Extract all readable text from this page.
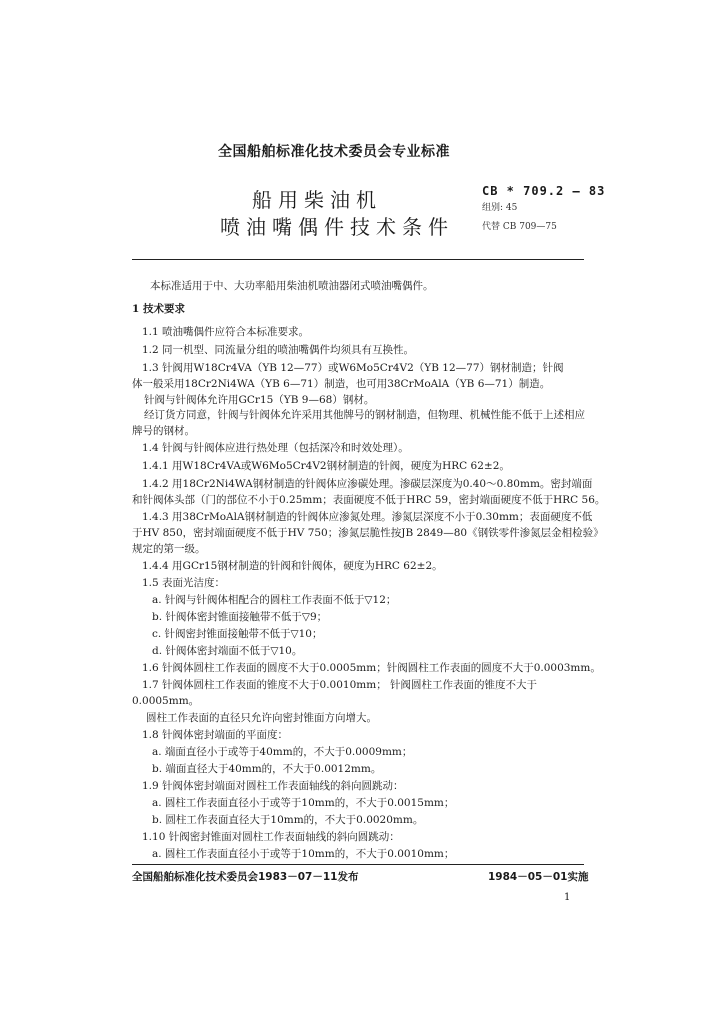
全国船舶标准化技术委员会专业标准
船用柴油机
喷油嘴偶件技术条件
CB * 709.2 — 83
组别: 45
代替 CB 709—75
本标准适用于中、大功率船用柴油机喷油器闭式喷油嘴偶件。
1 技术要求
1.1 喷油嘴偶件应符合本标准要求。
1.2 同一机型、同流量分组的喷油嘴偶件均须具有互换性。
1.3 针阀用W18Cr4VA（YB 12—77）或W6Mo5Cr4V2（YB 12—77）钢材制造；针阀
体一般采用18Cr2Ni4WA（YB 6—71）制造，也可用38CrMoAlA（YB 6—71）制造。
针阀与针阀体允许用GCr15（YB 9—68）钢材。
经订货方同意，针阀与针阀体允许采用其他牌号的钢材制造，但物理、机械性能不低于上述相应
牌号的钢材。
1.4 针阀与针阀体应进行热处理（包括深冷和时效处理）。
1.4.1 用W18Cr4VA或W6Mo5Cr4V2钢材制造的针阀，硬度为HRC 62±2。
1.4.2 用18Cr2Ni4WA钢材制造的针阀体应渗碳处理。渗碳层深度为0.40～0.80mm。密封端面
和针阀体头部（门的部位不小于0.25mm；表面硬度不低于HRC 59，密封端面硬度不低于HRC 56。
1.4.3 用38CrMoAlA钢材制造的针阀体应渗氮处理。渗氮层深度不小于0.30mm；表面硬度不低
于HV 850，密封端面硬度不低于HV 750；渗氮层脆性按JB 2849—80《钢铁零件渗氮层金相检验》
规定的第一级。
1.4.4 用GCr15钢材制造的针阀和针阀体，硬度为HRC 62±2。
1.5 表面光洁度：
a. 针阀与针阀体相配合的圆柱工作表面不低于▽12；
b. 针阀体密封锥面接触带不低于▽9；
c. 针阀密封锥面接触带不低于▽10；
d. 针阀体密封端面不低于▽10。
1.6 针阀体圆柱工作表面的圆度不大于0.0005mm；针阀圆柱工作表面的圆度不大于0.0003mm。
1.7 针阀体圆柱工作表面的锥度不大于0.0010mm； 针阀圆柱工作表面的锥度不大于
0.0005mm。
圆柱工作表面的直径只允许向密封锥面方向增大。
1.8 针阀体密封端面的平面度：
a. 端面直径小于或等于40mm的，不大于0.0009mm；
b. 端面直径大于40mm的，不大于0.0012mm。
1.9 针阀体密封端面对圆柱工作表面轴线的斜向圆跳动：
a. 圆柱工作表面直径小于或等于10mm的，不大于0.0015mm；
b. 圆柱工作表面直径大于10mm的，不大于0.0020mm。
1.10 针阀密封锥面对圆柱工作表面轴线的斜向圆跳动：
a. 圆柱工作表面直径小于或等于10mm的，不大于0.0010mm；
全国船舶标准化技术委员会1983－07－11发布	1984－05－01实施
1
